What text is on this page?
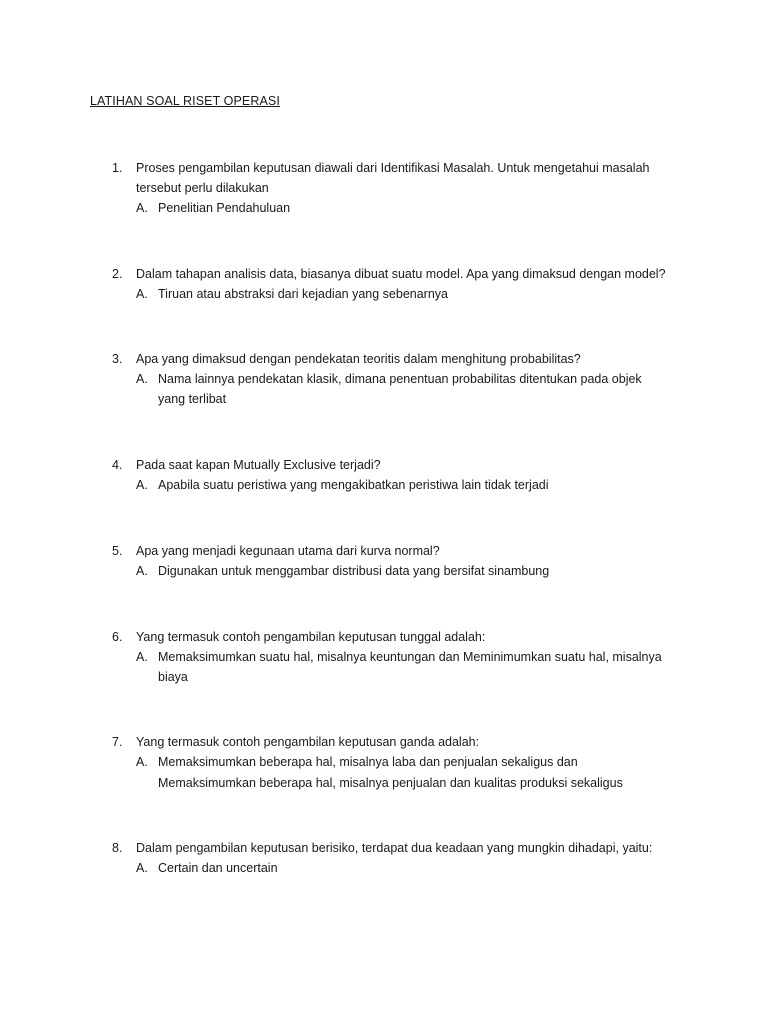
LATIHAN SOAL RISET OPERASI
1. Proses pengambilan keputusan diawali dari Identifikasi Masalah. Untuk mengetahui masalah
tersebut perlu dilakukan
A. Penelitian Pendahuluan
2. Dalam tahapan analisis data, biasanya dibuat suatu model. Apa yang dimaksud dengan model?
A. Tiruan atau abstraksi dari kejadian yang sebenarnya
3. Apa yang dimaksud dengan pendekatan teoritis dalam menghitung probabilitas?
A. Nama lainnya pendekatan klasik, dimana penentuan probabilitas ditentukan pada objek
yang terlibat
4. Pada saat kapan Mutually Exclusive terjadi?
A. Apabila suatu peristiwa yang mengakibatkan peristiwa lain tidak terjadi
5. Apa yang menjadi kegunaan utama dari kurva normal?
A. Digunakan untuk menggambar distribusi data yang bersifat sinambung
6. Yang termasuk contoh pengambilan keputusan tunggal adalah:
A. Memaksimumkan suatu hal, misalnya keuntungan dan Meminimumkan suatu hal, misalnya
biaya
7. Yang termasuk contoh pengambilan keputusan ganda adalah:
A. Memaksimumkan beberapa hal, misalnya laba dan penjualan sekaligus dan
Memaksimumkan beberapa hal, misalnya penjualan dan kualitas produksi sekaligus
8. Dalam pengambilan keputusan berisiko, terdapat dua keadaan yang mungkin dihadapi, yaitu:
A. Certain dan uncertain
